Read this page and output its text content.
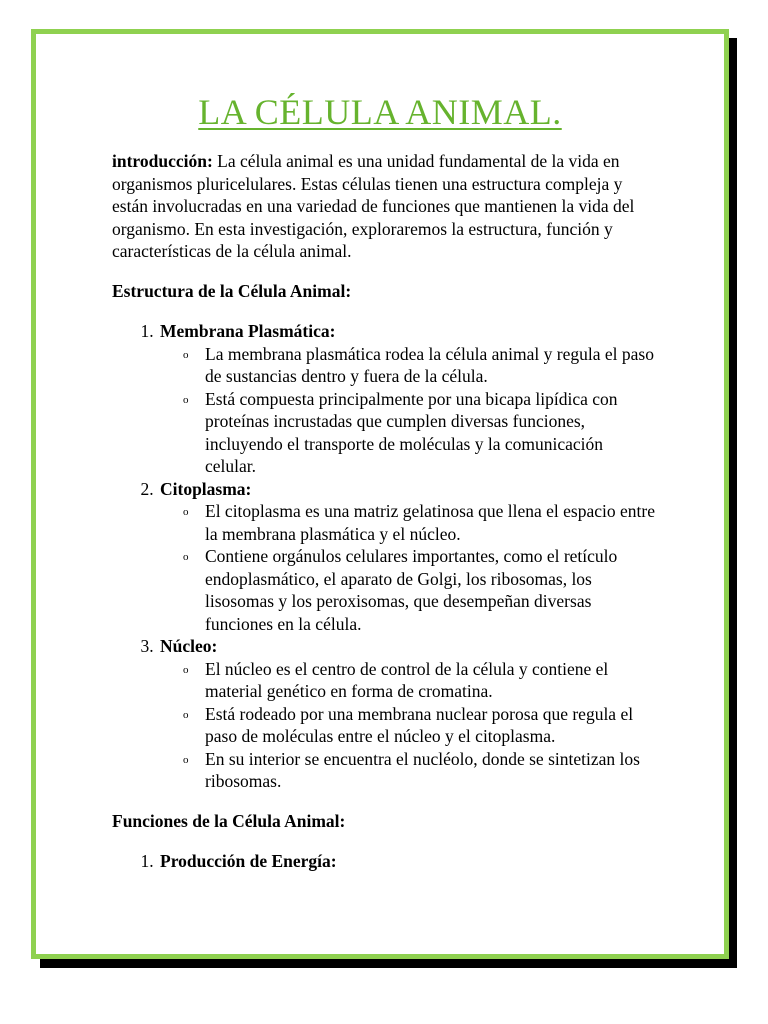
LA CÉLULA ANIMAL.

introducción: La célula animal es una unidad fundamental de la vida en organismos pluricelulares. Estas células tienen una estructura compleja y están involucradas en una variedad de funciones que mantienen la vida del organismo. En esta investigación, exploraremos la estructura, función y características de la célula animal.

Estructura de la Célula Animal:

1. Membrana Plasmática:
o La membrana plasmática rodea la célula animal y regula el paso de sustancias dentro y fuera de la célula.
o Está compuesta principalmente por una bicapa lipídica con proteínas incrustadas que cumplen diversas funciones, incluyendo el transporte de moléculas y la comunicación celular.
2. Citoplasma:
o El citoplasma es una matriz gelatinosa que llena el espacio entre la membrana plasmática y el núcleo.
o Contiene orgánulos celulares importantes, como el retículo endoplasmático, el aparato de Golgi, los ribosomas, los lisosomas y los peroxisomas, que desempeñan diversas funciones en la célula.
3. Núcleo:
o El núcleo es el centro de control de la célula y contiene el material genético en forma de cromatina.
o Está rodeado por una membrana nuclear porosa que regula el paso de moléculas entre el núcleo y el citoplasma.
o En su interior se encuentra el nucléolo, donde se sintetizan los ribosomas.

Funciones de la Célula Animal:

1. Producción de Energía:
